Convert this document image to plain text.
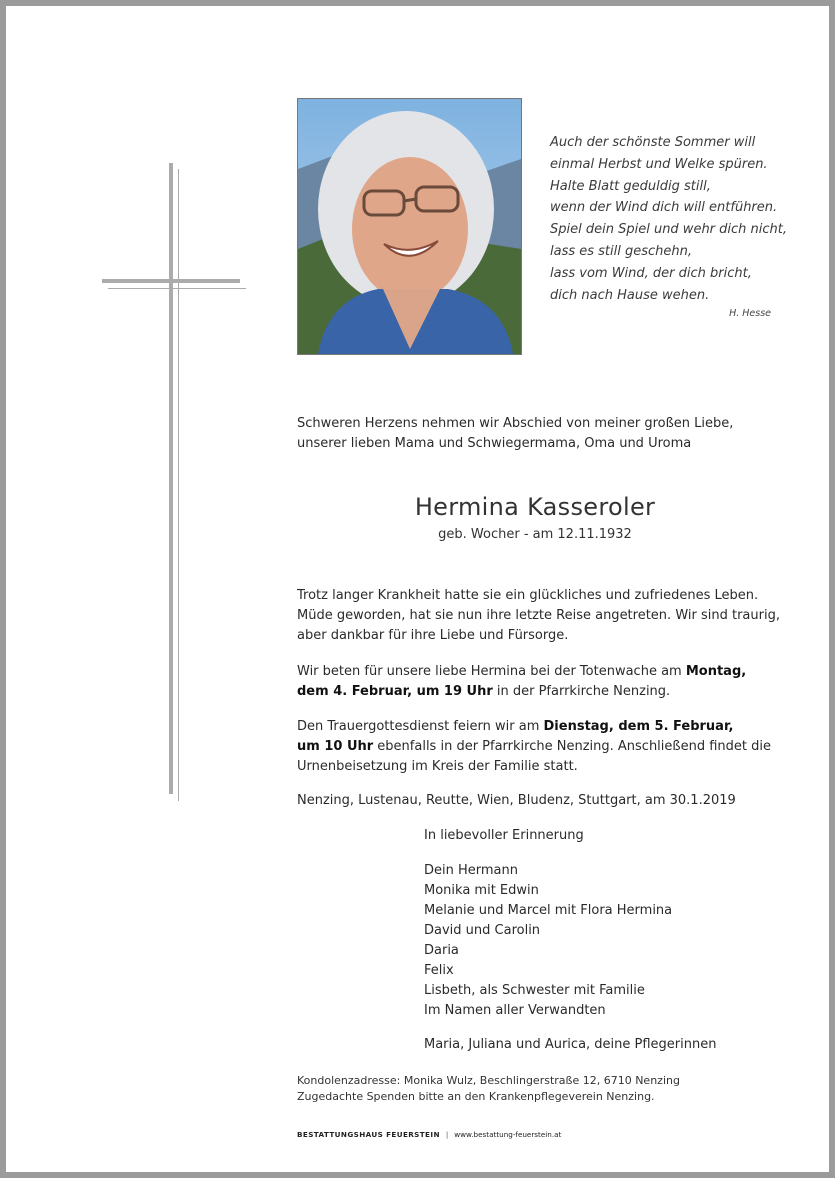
Auch der schönste Sommer will
einmal Herbst und Welke spüren.
Halte Blatt geduldig still,
wenn der Wind dich will entführen.
Spiel dein Spiel und wehr dich nicht,
lass es still geschehn,
lass vom Wind, der dich bricht,
dich nach Hause wehen.
H. Hesse
Schweren Herzens nehmen wir Abschied von meiner großen Liebe,
unserer lieben Mama und Schwiegermama, Oma und Uroma
Hermina Kasseroler
geb. Wocher - am 12.11.1932
Trotz langer Krankheit hatte sie ein glückliches und zufriedenes Leben.
Müde geworden, hat sie nun ihre letzte Reise angetreten. Wir sind traurig,
aber dankbar für ihre Liebe und Fürsorge.
Wir beten für unsere liebe Hermina bei der Totenwache am Montag,
dem 4. Februar, um 19 Uhr in der Pfarrkirche Nenzing.
Den Trauergottesdienst feiern wir am Dienstag, dem 5. Februar,
um 10 Uhr ebenfalls in der Pfarrkirche Nenzing. Anschließend findet die
Urnenbeisetzung im Kreis der Familie statt.
Nenzing, Lustenau, Reutte, Wien, Bludenz, Stuttgart, am 30.1.2019
In liebevoller Erinnerung
Dein Hermann
Monika mit Edwin
Melanie und Marcel mit Flora Hermina
David und Carolin
Daria
Felix
Lisbeth, als Schwester mit Familie
Im Namen aller Verwandten
Maria, Juliana und Aurica, deine Pflegerinnen
Kondolenzadresse: Monika Wulz, Beschlingerstraße 12, 6710 Nenzing
Zugedachte Spenden bitte an den Krankenpflegeverein Nenzing.
BESTATTUNGSHAUS FEUERSTEIN | www.bestattung-feuerstein.at
